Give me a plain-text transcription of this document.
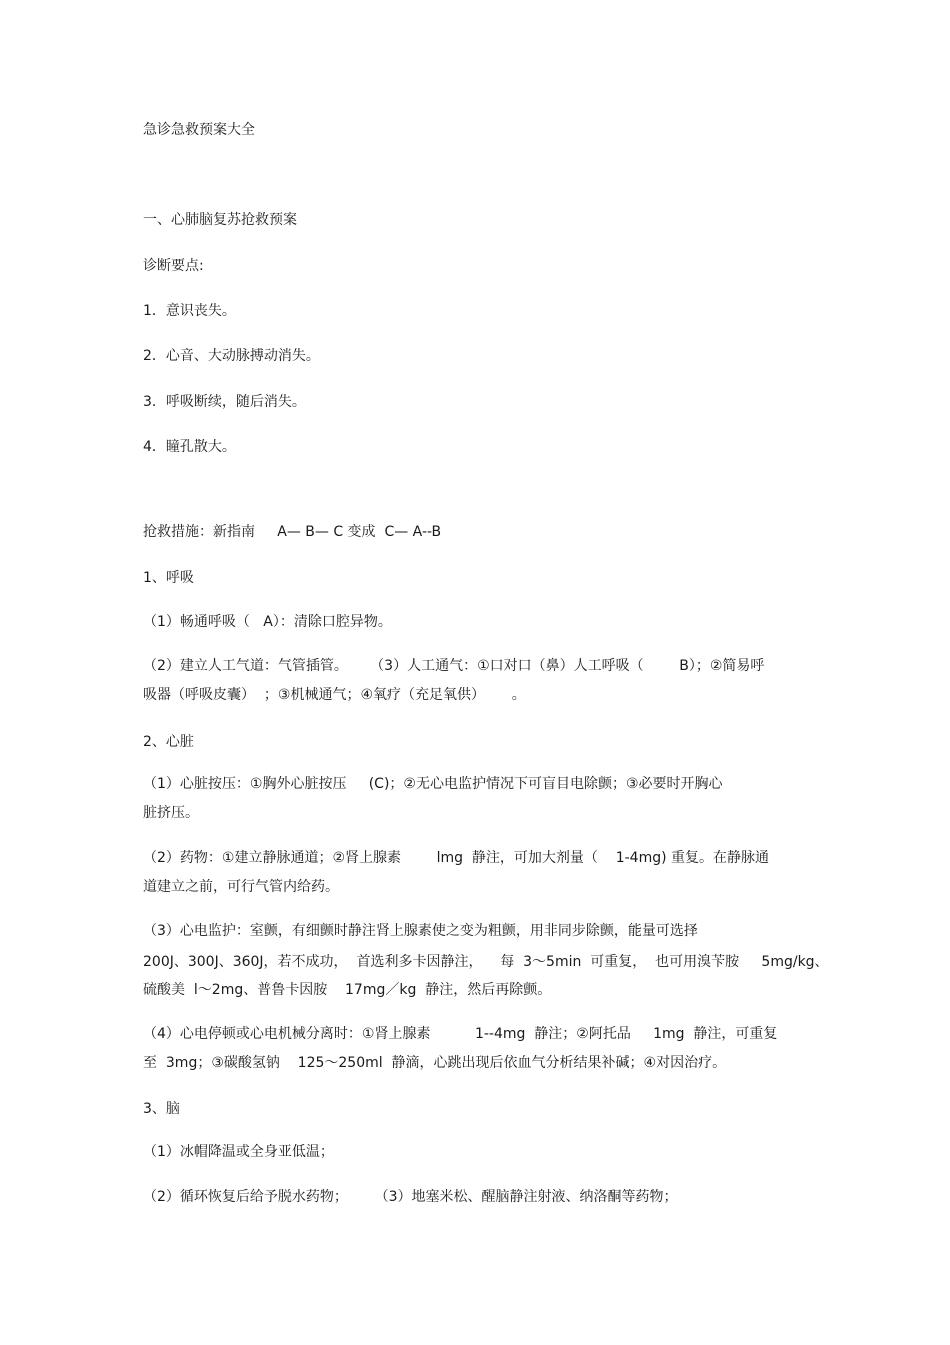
急诊急救预案大全
一、心肺脑复苏抢救预案
诊断要点:
1．意识丧失。
2．心音、大动脉搏动消失。
3．呼吸断续，随后消失。
4．瞳孔散大。
抢救措施：新指南     A— B— C 变成  C— A--B
1、呼吸
（1）畅通呼吸（   A）：清除口腔异物。
（2）建立人工气道：气管插管。     （3）人工通气：①口对口（鼻）人工呼吸（        B）；②简易呼
吸器（呼吸皮囊）  ；③机械通气；④氧疗（充足氧供）      。
2、心脏
（1）心脏按压：①胸外心脏按压     (C)；②无心电监护情况下可盲目电除颤；③必要时开胸心
脏挤压。
（2）药物：①建立静脉通道；②肾上腺素        lmg  静注，可加大剂量（    1-4mg) 重复。在静脉通
道建立之前，可行气管内给药。
（3）心电监护：室颤，有细颤时静注肾上腺素使之变为粗颤，用非同步除颤，能量可选择
200J、300J、360J，若不成功，  首选利多卡因静注，    每  3～5min  可重复，  也可用溴苄胺     5mg/kg、
硫酸美  l～2mg、普鲁卡因胺    17mg／kg  静注，然后再除颤。
（4）心电停顿或心电机械分离时：①肾上腺素          1--4mg  静注；②阿托品     1mg  静注，可重复
至  3mg；③碳酸氢钠    125～250ml  静滴，心跳出现后依血气分析结果补碱；④对因治疗。
3、脑
（1）冰帽降温或全身亚低温；
（2）循环恢复后给予脱水药物；      （3）地塞米松、醒脑静注射液、纳洛酮等药物；
